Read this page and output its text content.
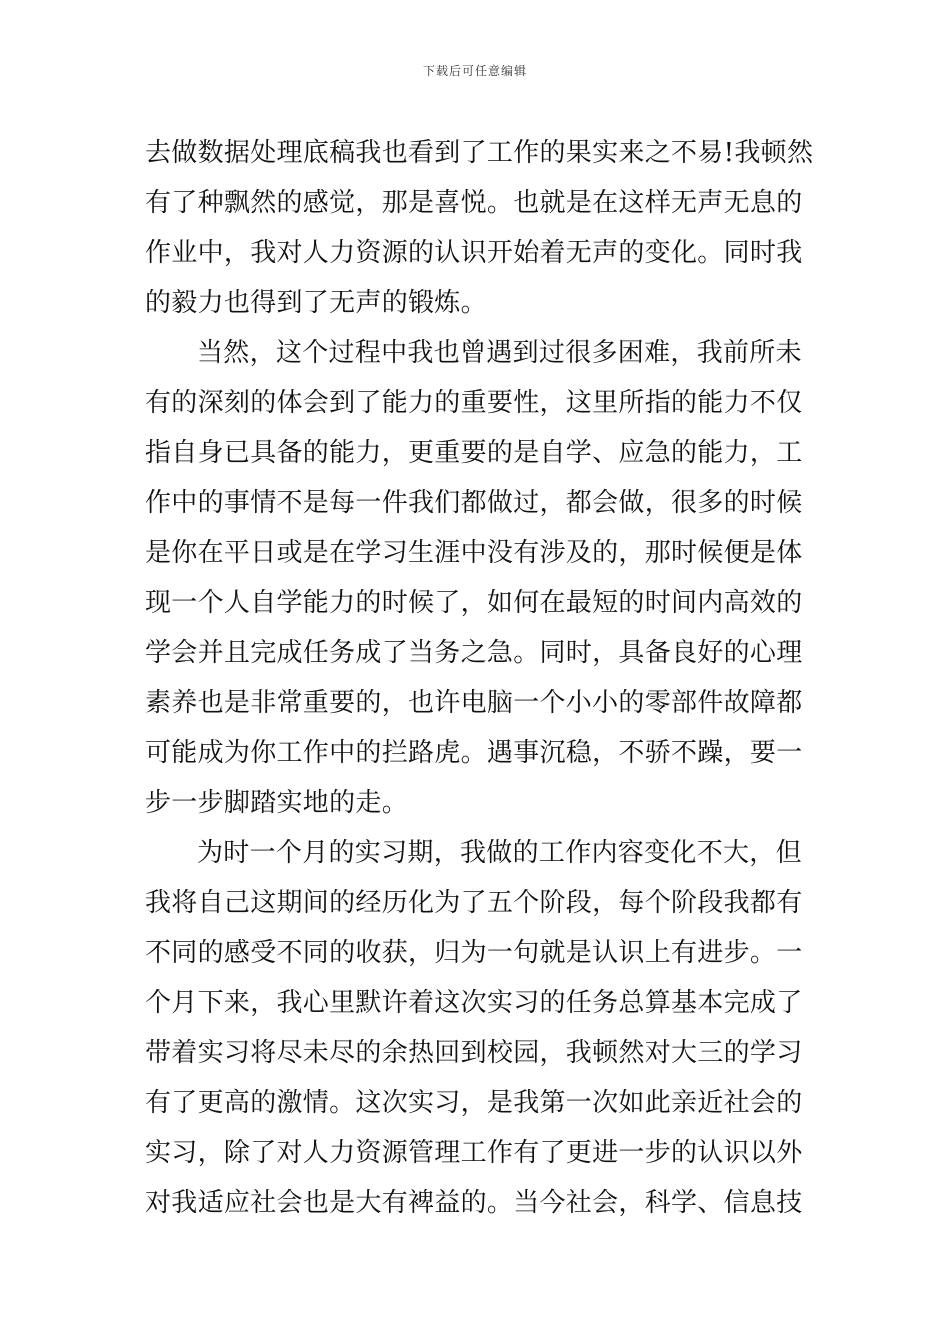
下载后可任意编辑
去做数据处理底稿我也看到了工作的果实来之不易!我顿然
有了种飘然的感觉，那是喜悦。也就是在这样无声无息的
作业中，我对人力资源的认识开始着无声的变化。同时我
的毅力也得到了无声的锻炼。
当然，这个过程中我也曾遇到过很多困难，我前所未
有的深刻的体会到了能力的重要性，这里所指的能力不仅
指自身已具备的能力，更重要的是自学、应急的能力，工
作中的事情不是每一件我们都做过，都会做，很多的时候
是你在平日或是在学习生涯中没有涉及的，那时候便是体
现一个人自学能力的时候了，如何在最短的时间内高效的
学会并且完成任务成了当务之急。同时，具备良好的心理
素养也是非常重要的，也许电脑一个小小的零部件故障都
可能成为你工作中的拦路虎。遇事沉稳，不骄不躁，要一
步一步脚踏实地的走。
为时一个月的实习期，我做的工作内容变化不大，但
我将自己这期间的经历化为了五个阶段，每个阶段我都有
不同的感受不同的收获，归为一句就是认识上有进步。一
个月下来，我心里默许着这次实习的任务总算基本完成了
带着实习将尽未尽的余热回到校园，我顿然对大三的学习
有了更高的激情。这次实习，是我第一次如此亲近社会的
实习，除了对人力资源管理工作有了更进一步的认识以外
对我适应社会也是大有裨益的。当今社会，科学、信息技
